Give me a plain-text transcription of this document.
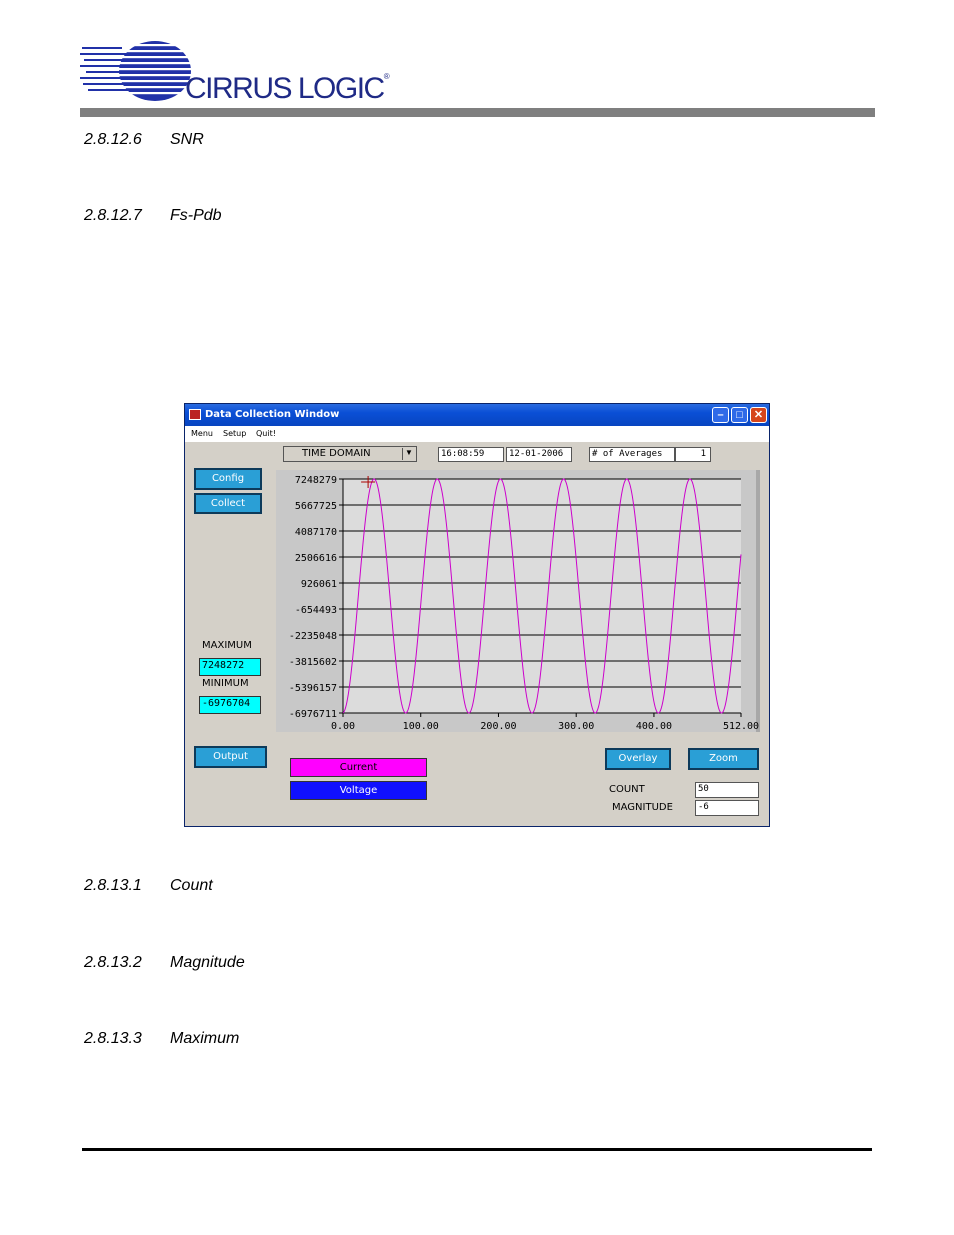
CIRRUS LOGIC®
2.8.12.6 SNR
2.8.12.7 Fs-Pdb
Data Collection Window	–	□	✕
Menu Setup Quit!
TIME DOMAIN	▼	16:08:59	12-01-2006	# of Averages	1
Config
Collect
MAXIMUM
7248272
MINIMUM
-6976704
Output
7248279
5667725
4087170
2506616
926061
-654493
-2235048
-3815602
-5396157
-6976711
0.00	100.00	200.00	300.00	400.00	512.00
Current
Voltage
Overlay	Zoom
COUNT	50
MAGNITUDE	-6
2.8.13.1 Count
2.8.13.2 Magnitude
2.8.13.3 Maximum
